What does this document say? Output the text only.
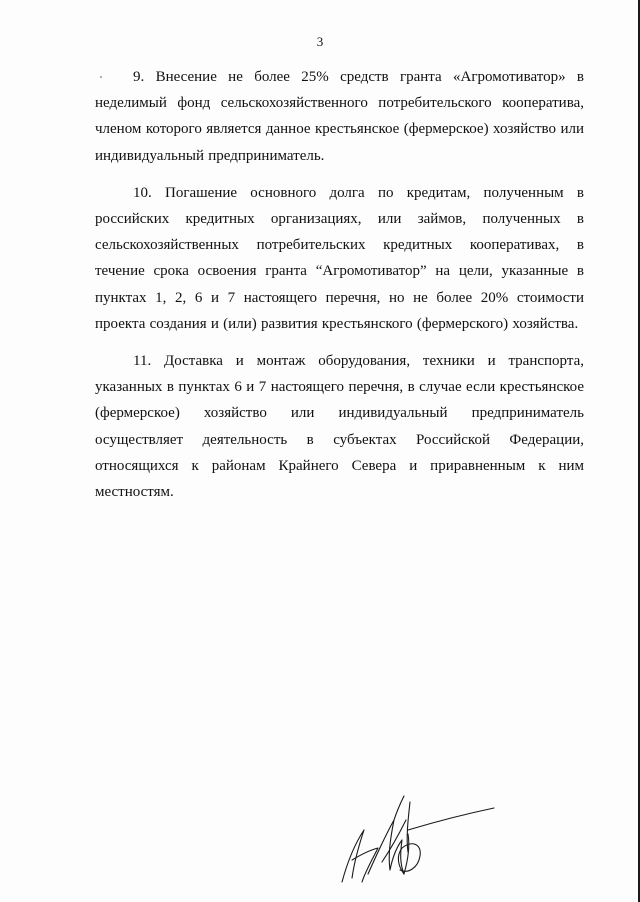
3

9. Внесение не более 25% средств гранта «Агромотиватор» в неделимый фонд сельскохозяйственного потребительского кооператива, членом которого является данное крестьянское (фермерское) хозяйство или индивидуальный предприниматель.

10. Погашение основного долга по кредитам, полученным в российских кредитных организациях, или займов, полученных в сельскохозяйственных потребительских кредитных кооперативах, в течение срока освоения гранта “Агромотиватор” на цели, указанные в пунктах 1, 2, 6 и 7 настоящего перечня, но не более 20% стоимости проекта создания и (или) развития крестьянского (фермерского) хозяйства.

11. Доставка и монтаж оборудования, техники и транспорта, указанных в пунктах 6 и 7 настоящего перечня, в случае если крестьянское (фермерское) хозяйство или индивидуальный предприниматель осуществляет деятельность в субъектах Российской Федерации, относящихся к районам Крайнего Севера и приравненным к ним местностям.
